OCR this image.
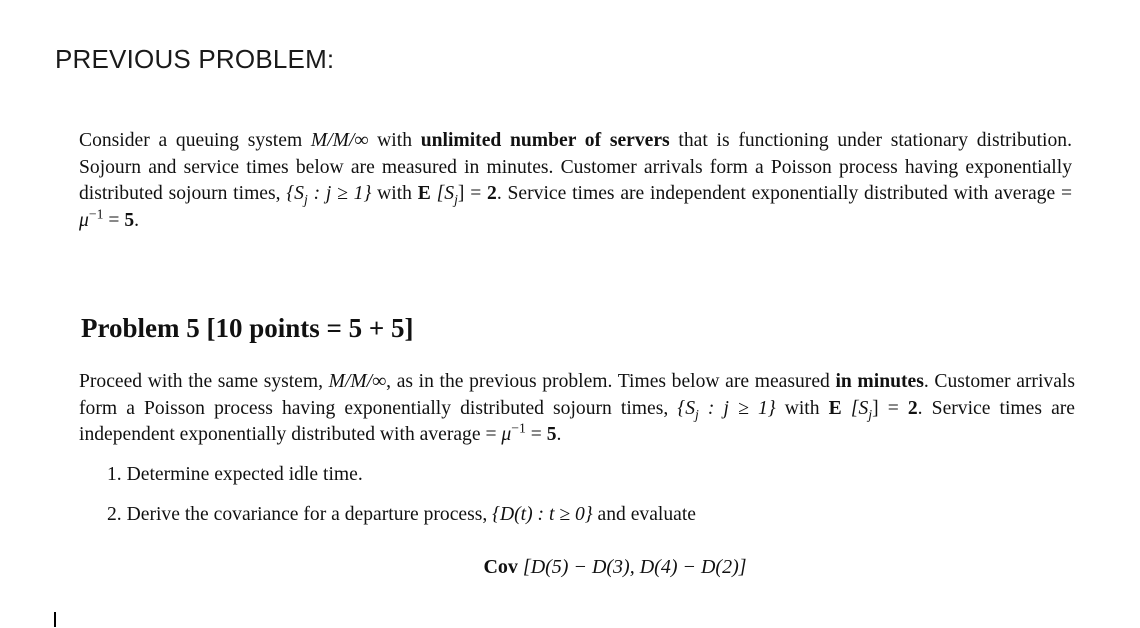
PREVIOUS PROBLEM:
Consider a queuing system M/M/∞ with unlimited number of servers that is functioning under stationary distribution. Sojourn and service times below are measured in minutes. Customer arrivals form a Poisson process having exponentially distributed sojourn times, {$S_j$ : j ≥ 1} with E $[S_j] = 2$. Service times are independent exponentially distributed with average = $\mu^{-1} = 5$.
Problem 5 [10 points = 5 + 5]
Proceed with the same system, M/M/∞, as in the previous problem. Times below are measured in minutes. Customer arrivals form a Poisson process having exponentially distributed sojourn times, {$S_j$ : j ≥ 1} with E $[S_j] = 2$. Service times are independent exponentially distributed with average = $\mu^{-1} = 5$.
1. Determine expected idle time.
2. Derive the covariance for a departure process, {D(t) : t ≥ 0} and evaluate
Cov [D(5) − D(3), D(4) − D(2)]
